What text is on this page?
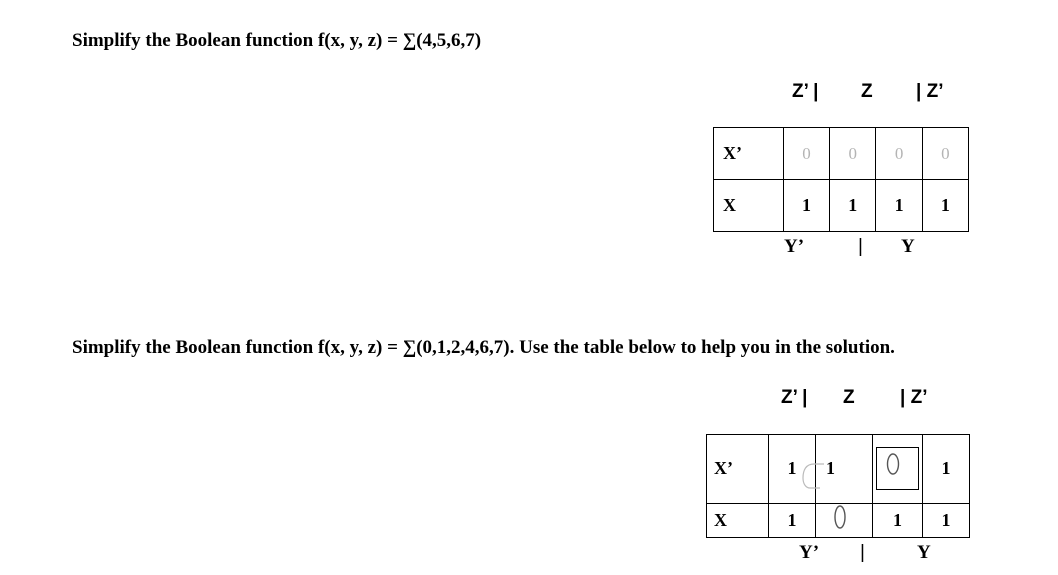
Simplify the Boolean function f(x, y, z) = ∑(4,5,6,7)
Z’ | Z | Z’
X’	0	0	0	0
X	1	1	1	1
Y’	| Y
Simplify the Boolean function f(x, y, z) = ∑(0,1,2,4,6,7). Use the table below to help you in the solution.
Z’ | Z | Z’
X’	1	1		1
X	1		1	1
Y’ |	Y
